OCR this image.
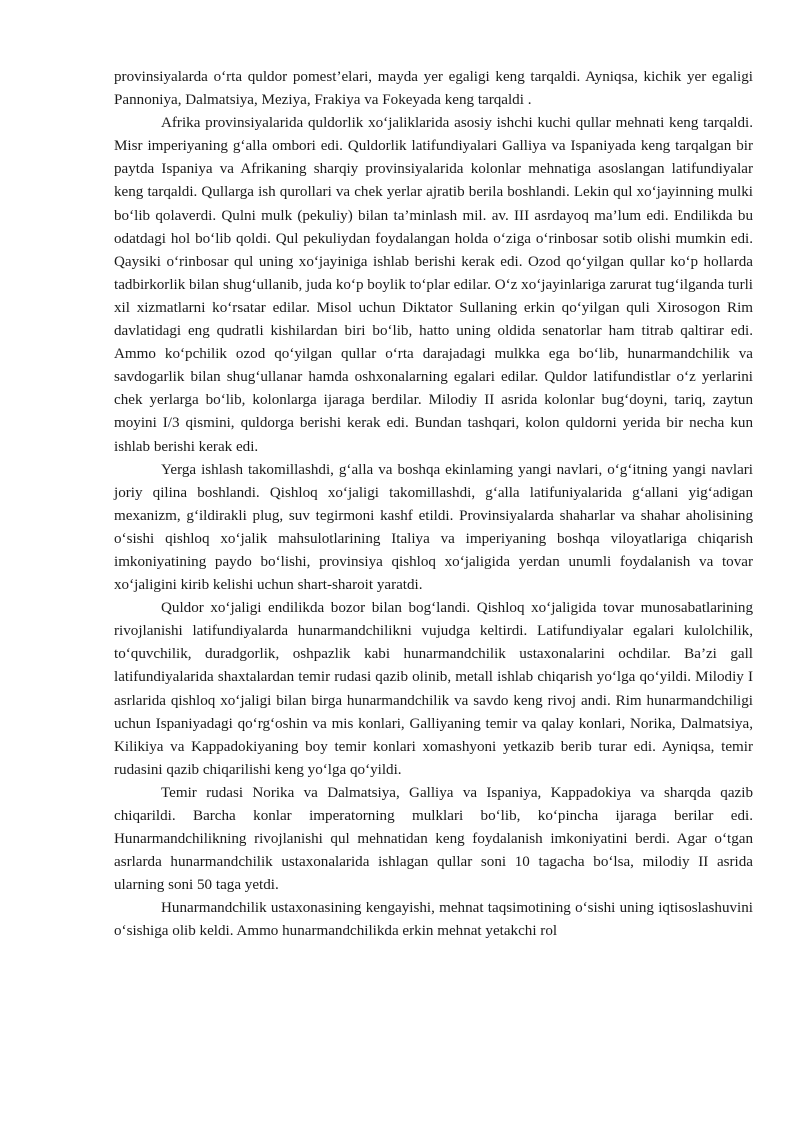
provinsiyalarda o‘rta quldor pomest’elari, mayda yer egaligi keng tarqaldi. Ayniqsa, kichik yer egaligi Pannoniya, Dalmatsiya, Meziya, Frakiya va Fokeyada keng tarqaldi .

Afrika provinsiyalarida quldorlik xo‘jaliklarida asosiy ishchi kuchi qullar mehnati keng tarqaldi. Misr imperiyaning g‘alla ombori edi. Quldorlik latifundiyalari Galliya va Ispaniyada keng tarqalgan bir paytda Ispaniya va Afrikaning sharqiy provinsiyalarida kolonlar mehnatiga asoslangan latifundiyalar keng tarqaldi. Qullarga ish qurollari va chek yerlar ajratib berila boshlandi. Lekin qul xo‘jayinning mulki bo‘lib qolaverdi. Qulni mulk (pekuliy) bilan ta’minlash mil. av. III asrdayoq ma’lum edi. Endilikda bu odatdagi hol bo‘lib qoldi. Qul pekuliydan foydalangan holda o‘ziga o‘rinbosar sotib olishi mumkin edi. Qaysiki o‘rinbosar qul uning xo‘jayiniga ishlab berishi kerak edi. Ozod qo‘yilgan qullar ko‘p hollarda tadbirkorlik bilan shug‘ullanib, juda ko‘p boylik to‘plar edilar. O‘z xo‘jayinlariga zarurat tug‘ilganda turli xil xizmatlarni ko‘rsatar edilar. Misol uchun Diktator Sullaning erkin qo‘yilgan quli Xirosogon Rim davlatidagi eng qudratli kishilardan biri bo‘lib, hatto uning oldida senatorlar ham titrab qaltirar edi. Ammo ko‘pchilik ozod qo‘yilgan qullar o‘rta darajadagi mulkka ega bo‘lib, hunarmandchilik va savdogarlik bilan shug‘ullanar hamda oshxonalarning egalari edilar. Quldor latifundistlar o‘z yerlarini chek yerlarga bo‘lib, kolonlarga ijaraga berdilar. Milodiy II asrida kolonlar bug‘doyni, tariq, zaytun moyini I/3 qismini, quldorga berishi kerak edi. Bundan tashqari, kolon quldorni yerida bir necha kun ishlab berishi kerak edi.

Yerga ishlash takomillashdi, g‘alla va boshqa ekinlaming yangi navlari, o‘g‘itning yangi navlari joriy qilina boshlandi. Qishloq xo‘jaligi takomillashdi, g‘alla latifuniyalarida g‘allani yig‘adigan mexanizm, g‘ildirakli plug, suv tegirmoni kashf etildi. Provinsiyalarda shaharlar va shahar aholisining o‘sishi qishloq xo‘jalik mahsulotlarining Italiya va imperiyaning boshqa viloyatlariga chiqarish imkoniyatining paydo bo‘lishi, provinsiya qishloq xo‘jaligida yerdan unumli foydalanish va tovar xo‘jaligini kirib kelishi uchun shart-sharoit yaratdi.

Quldor xo‘jaligi endilikda bozor bilan bog‘landi. Qishloq xo‘jaligida tovar munosabatlarining rivojlanishi latifundiyalarda hunarmandchilikni vujudga keltirdi. Latifundiyalar egalari kulolchilik, to‘quvchilik, duradgorlik, oshpazlik kabi hunarmandchilik ustaxonalarini ochdilar. Ba’zi gall latifundiyalarida shaxtalardan temir rudasi qazib olinib, metall ishlab chiqarish yo‘lga qo‘yildi. Milodiy I asrlarida qishloq xo‘jaligi bilan birga hunarmandchilik va savdo keng rivoj andi. Rim hunarmandchiligi uchun Ispaniyadagi qo‘rg‘oshin va mis konlari, Galliyaning temir va qalay konlari, Norika, Dalmatsiya, Kilikiya va Kappadokiyaning boy temir konlari xomashyoni yetkazib berib turar edi. Ayniqsa, temir rudasini qazib chiqarilishi keng yo‘lga qo‘yildi.

Temir rudasi Norika va Dalmatsiya, Galliya va Ispaniya, Kappadokiya va sharqda qazib chiqarildi. Barcha konlar imperatorning mulklari bo‘lib, ko‘pincha ijaraga berilar edi. Hunarmandchilikning rivojlanishi qul mehnatidan keng foydalanish imkoniyatini berdi. Agar o‘tgan asrlarda hunarmandchilik ustaxonalarida ishlagan qullar soni 10 tagacha bo‘lsa, milodiy II asrida ularning soni 50 taga yetdi.

Hunarmandchilik ustaxonasining kengayishi, mehnat taqsimotining o‘sishi uning iqtisoslashuvini o‘sishiga olib keldi. Ammo hunarmandchilikda erkin mehnat yetakchi rol
